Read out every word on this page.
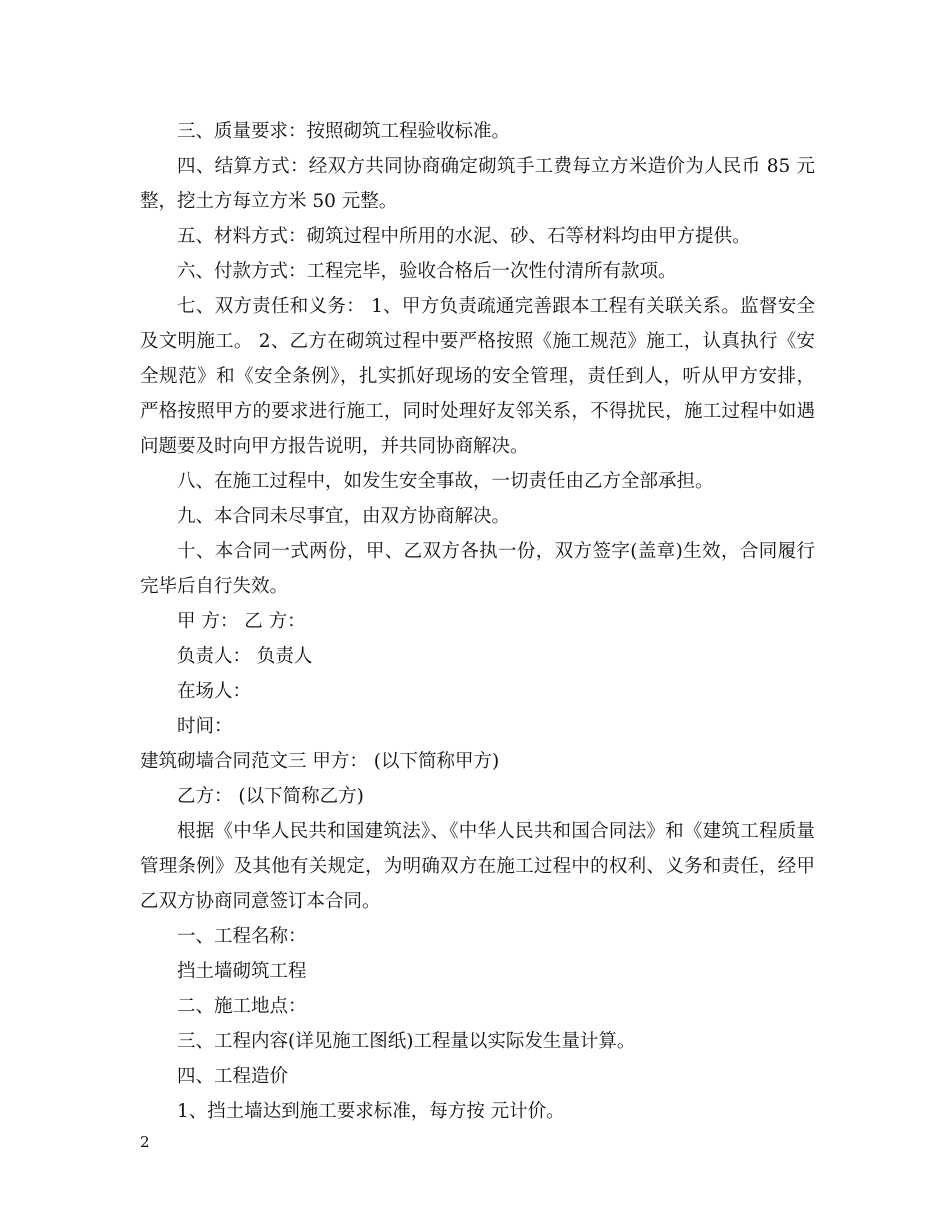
三、质量要求：按照砌筑工程验收标准。

四、结算方式：经双方共同协商确定砌筑手工费每立方米造价为人民币 85 元整，挖土方每立方米 50 元整。

五、材料方式：砌筑过程中所用的水泥、砂、石等材料均由甲方提供。

六、付款方式：工程完毕，验收合格后一次性付清所有款项。

七、双方责任和义务： 1、甲方负责疏通完善跟本工程有关联关系。监督安全及文明施工。 2、乙方在砌筑过程中要严格按照《施工规范》施工，认真执行《安全规范》和《安全条例》，扎实抓好现场的安全管理，责任到人，听从甲方安排，严格按照甲方的要求进行施工，同时处理好友邻关系，不得扰民，施工过程中如遇问题要及时向甲方报告说明，并共同协商解决。

八、在施工过程中，如发生安全事故，一切责任由乙方全部承担。

九、本合同未尽事宜，由双方协商解决。

十、本合同一式两份，甲、乙双方各执一份，双方签字(盖章)生效，合同履行完毕后自行失效。

甲 方： 乙 方：

负责人： 负责人

在场人：

时间：

建筑砌墙合同范文三 甲方： (以下简称甲方)

乙方： (以下简称乙方)

根据《中华人民共和国建筑法》、《中华人民共和国合同法》和《建筑工程质量管理条例》及其他有关规定，为明确双方在施工过程中的权利、义务和责任，经甲乙双方协商同意签订本合同。

一、工程名称：

挡土墙砌筑工程

二、施工地点：

三、工程内容(详见施工图纸)工程量以实际发生量计算。

四、工程造价

1、挡土墙达到施工要求标准，每方按 元计价。

2
